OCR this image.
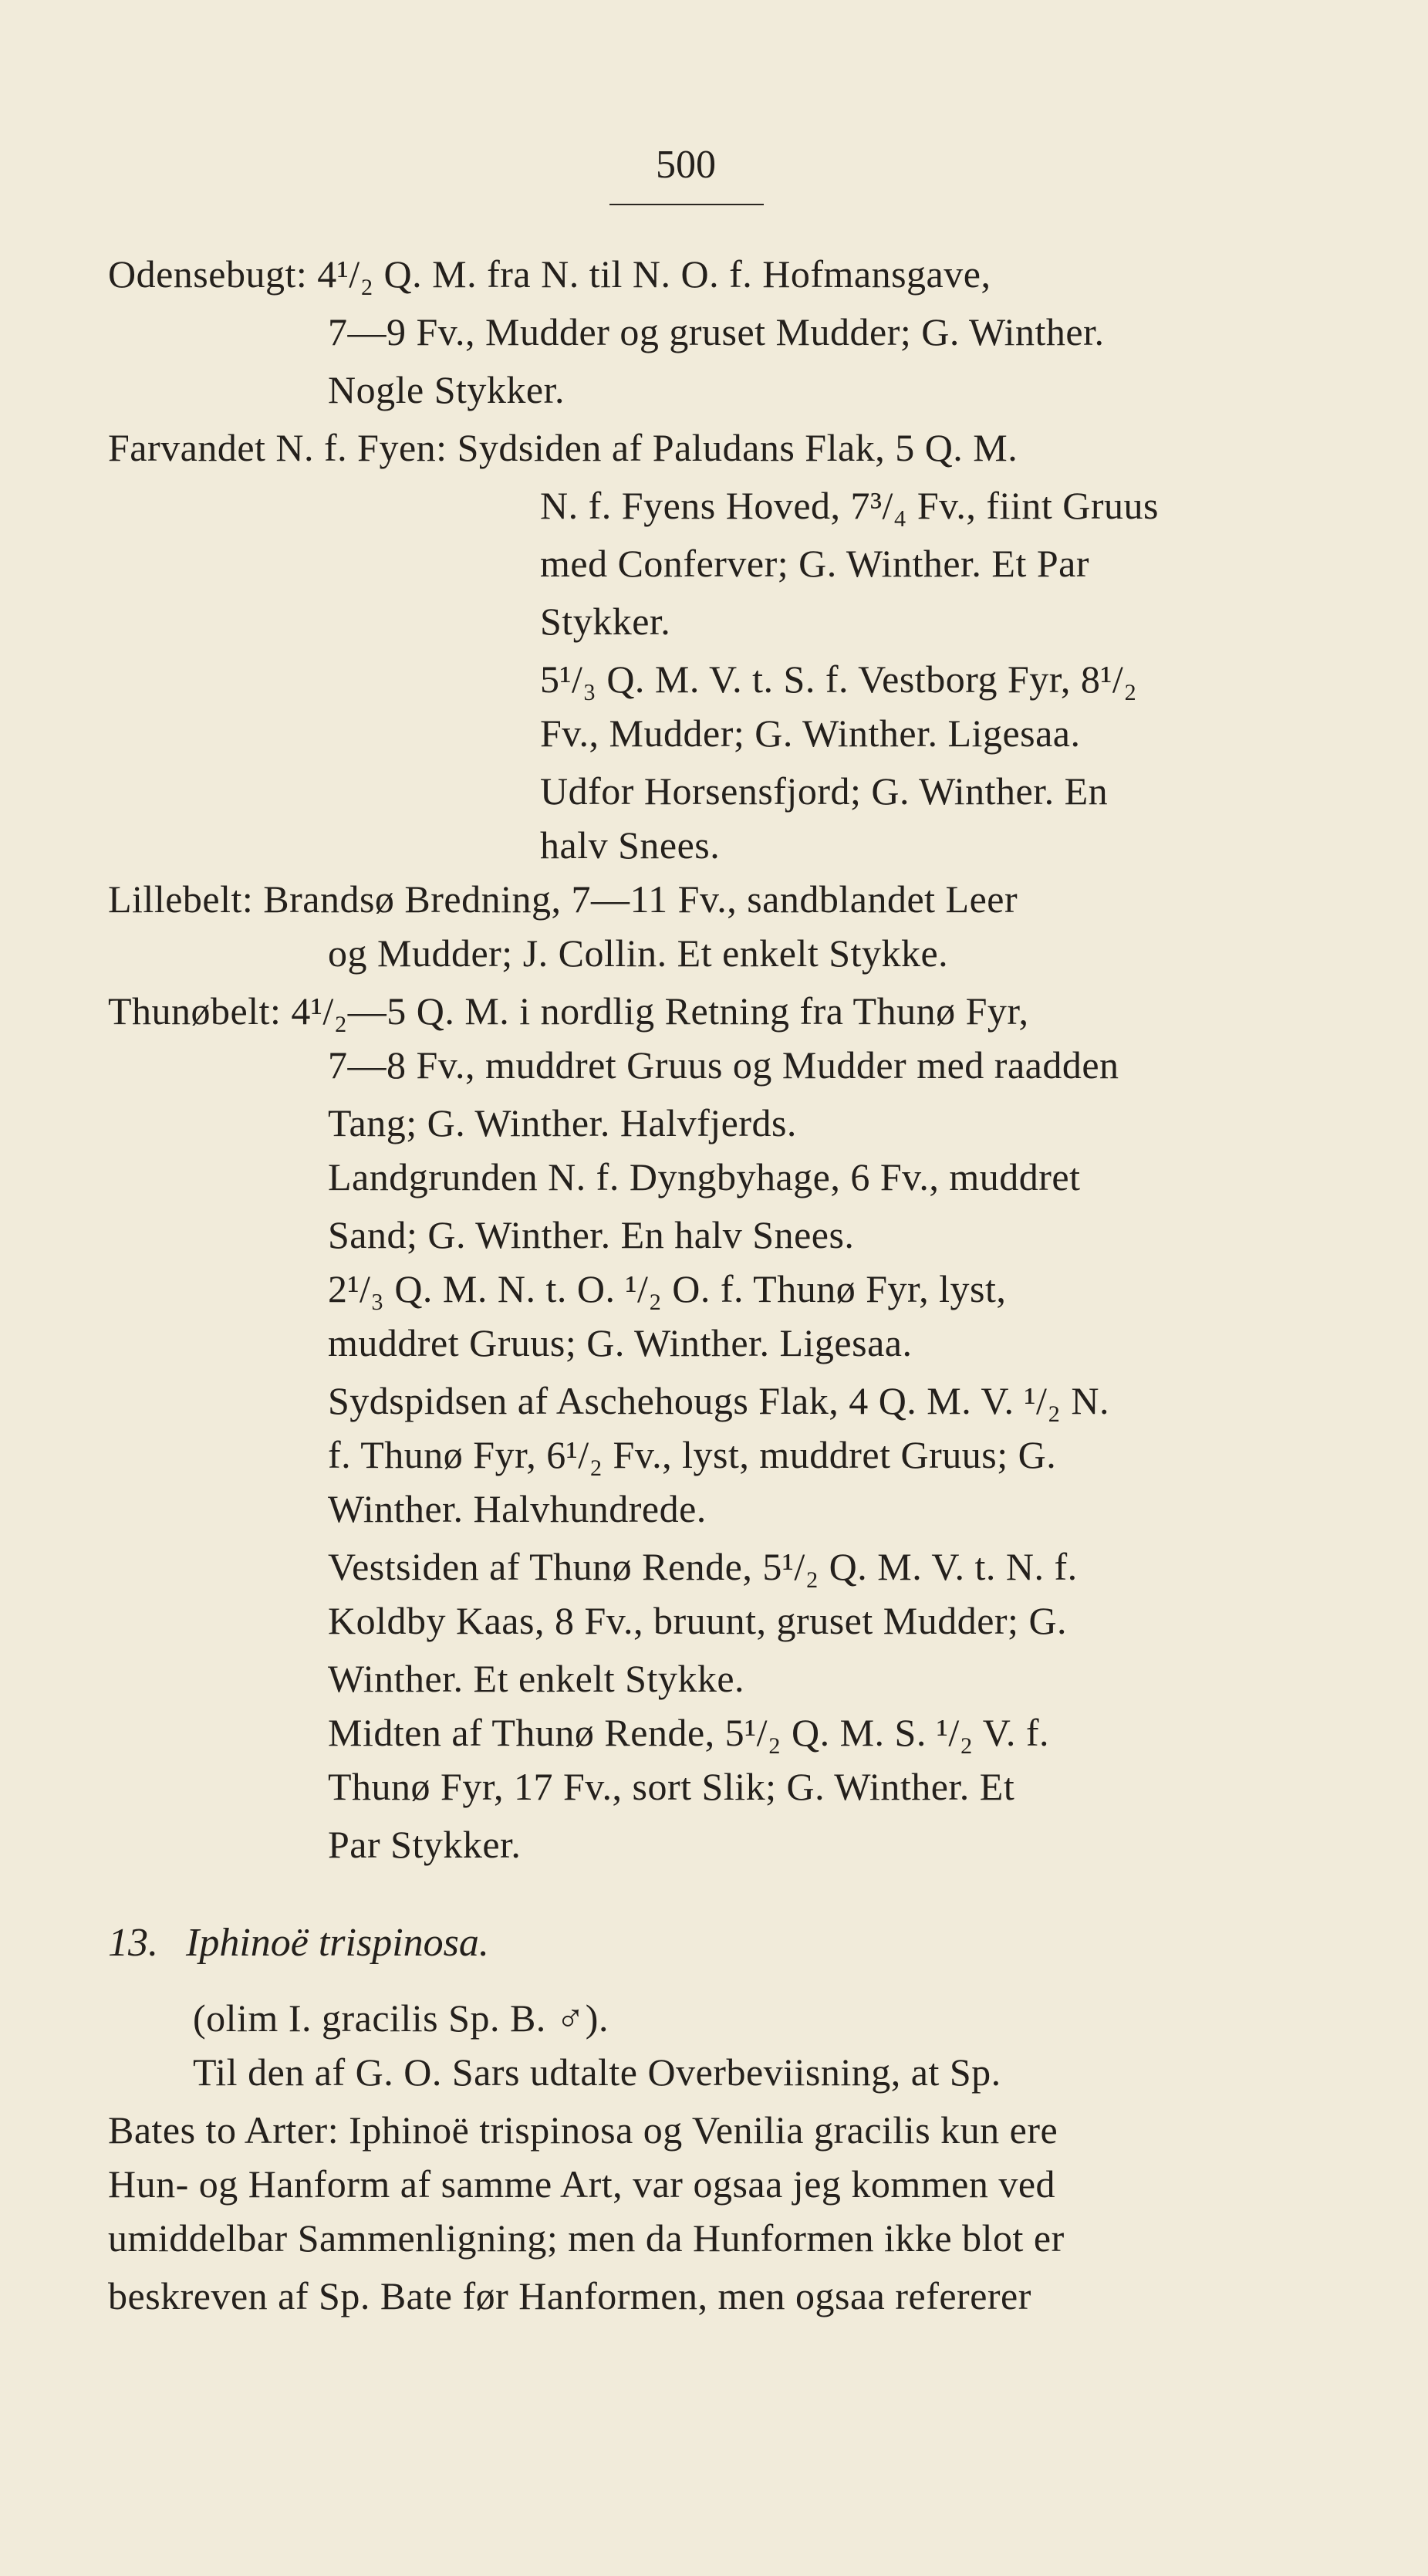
500
Odensebugt: 4¹/₂ Q. M. fra N. til N. O. f. Hofmansgave,
7—9 Fv., Mudder og gruset Mudder; G. Winther.
Nogle Stykker.
Farvandet N. f. Fyen: Sydsiden af Paludans Flak, 5 Q. M.
N. f. Fyens Hoved, 7³/₄ Fv., fiint Gruus
med Conferver; G. Winther. Et Par
Stykker.
5¹/₃ Q. M. V. t. S. f. Vestborg Fyr, 8¹/₂
Fv., Mudder; G. Winther. Ligesaa.
Udfor Horsensfjord; G. Winther. En
halv Snees.
Lillebelt: Brandsø Bredning, 7—11 Fv., sandblandet Leer
og Mudder; J. Collin. Et enkelt Stykke.
Thunøbelt: 4¹/₂—5 Q. M. i nordlig Retning fra Thunø Fyr,
7—8 Fv., muddret Gruus og Mudder med raadden
Tang; G. Winther. Halvfjerds.
Landgrunden N. f. Dyngbyhage, 6 Fv., muddret
Sand; G. Winther. En halv Snees.
2¹/₃ Q. M. N. t. O. ¹/₂ O. f. Thunø Fyr, lyst,
muddret Gruus; G. Winther. Ligesaa.
Sydspidsen af Aschehougs Flak, 4 Q. M. V. ¹/₂ N.
f. Thunø Fyr, 6¹/₂ Fv., lyst, muddret Gruus; G.
Winther. Halvhundrede.
Vestsiden af Thunø Rende, 5¹/₂ Q. M. V. t. N. f.
Koldby Kaas, 8 Fv., bruunt, gruset Mudder; G.
Winther. Et enkelt Stykke.
Midten af Thunø Rende, 5¹/₂ Q. M. S. ¹/₂ V. f.
Thunø Fyr, 17 Fv., sort Slik; G. Winther. Et
Par Stykker.
13. Iphinoë trispinosa.
(olim I. gracilis Sp. B. ♂).
Til den af G. O. Sars udtalte Overbeviisning, at Sp.
Bates to Arter: Iphinoë trispinosa og Venilia gracilis kun ere
Hun- og Hanform af samme Art, var ogsaa jeg kommen ved
umiddelbar Sammenligning; men da Hunformen ikke blot er
beskreven af Sp. Bate før Hanformen, men ogsaa refererer
